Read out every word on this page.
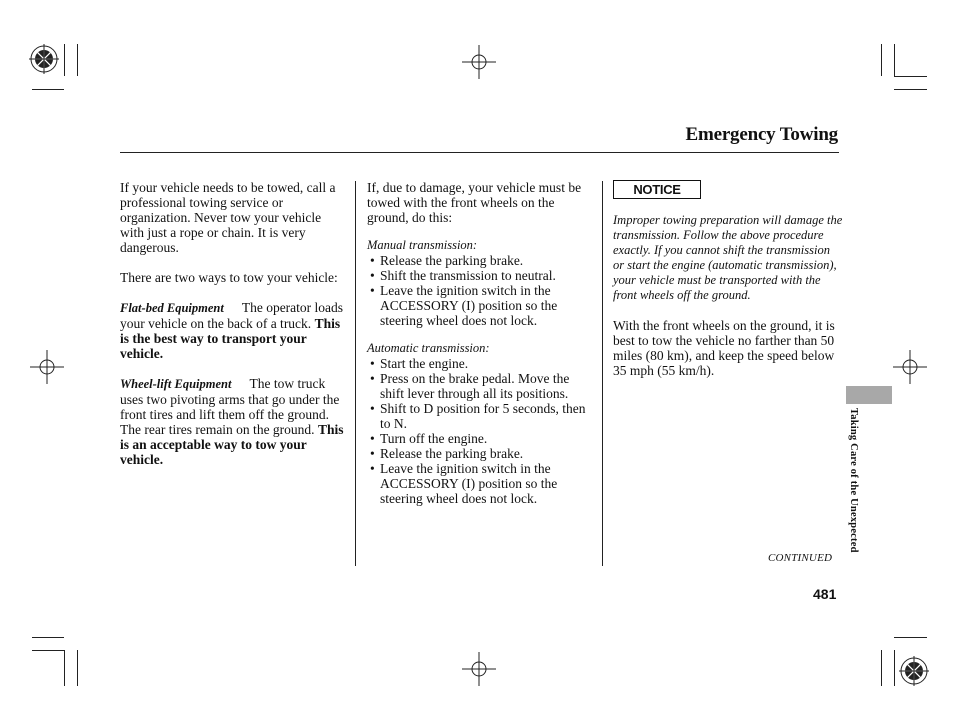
Emergency Towing

If your vehicle needs to be towed, call a professional towing service or organization. Never tow your vehicle with just a rope or chain. It is very dangerous.

There are two ways to tow your vehicle:

Flat-bed Equipment The operator loads your vehicle on the back of a truck. This is the best way to transport your vehicle.

Wheel-lift Equipment The tow truck uses two pivoting arms that go under the front tires and lift them off the ground. The rear tires remain on the ground. This is an acceptable way to tow your vehicle.

If, due to damage, your vehicle must be towed with the front wheels on the ground, do this:

Manual transmission:

• Release the parking brake.
• Shift the transmission to neutral.
• Leave the ignition switch in the ACCESSORY (I) position so the steering wheel does not lock.

Automatic transmission:

• Start the engine.
• Press on the brake pedal. Move the shift lever through all its positions.
• Shift to D position for 5 seconds, then to N.
• Turn off the engine.
• Release the parking brake.
• Leave the ignition switch in the ACCESSORY (I) position so the steering wheel does not lock.
NOTICE

Improper towing preparation will damage the transmission. Follow the above procedure exactly. If you cannot shift the transmission or start the engine (automatic transmission), your vehicle must be transported with the front wheels off the ground.

With the front wheels on the ground, it is best to tow the vehicle no farther than 50 miles (80 km), and keep the speed below 35 mph (55 km/h).

Taking Care of the Unexpected
CONTINUED
481
